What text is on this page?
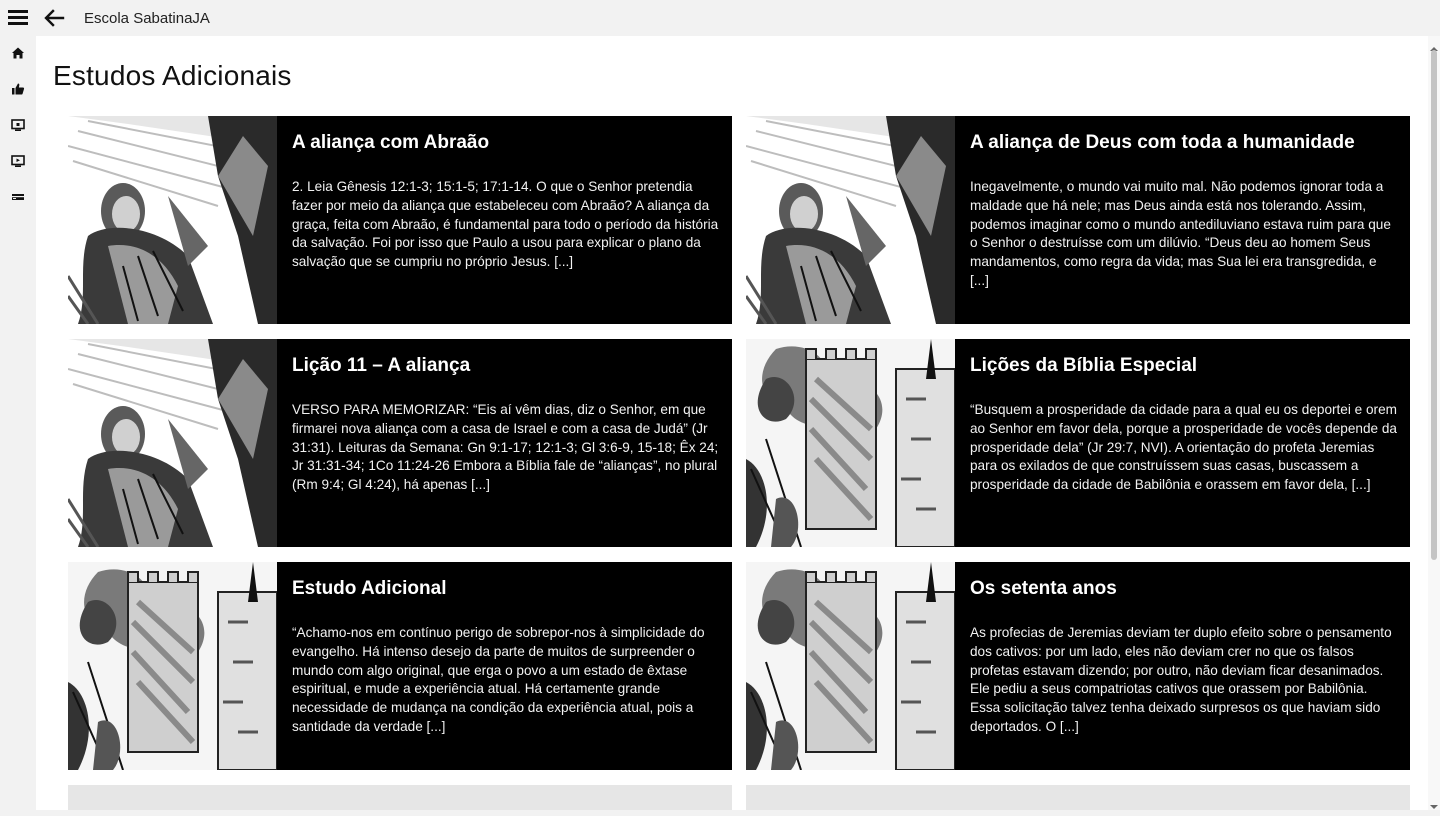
Escola SabatinaJA
Estudos Adicionais
A aliança com Abraão
2. Leia Gênesis 12:1-3; 15:1-5; 17:1-14. O que o Senhor pretendia fazer por meio da aliança que estabeleceu com Abraão? A aliança da graça, feita com Abraão, é fundamental para todo o período da história da salvação. Foi por isso que Paulo a usou para explicar o plano da salvação que se cumpriu no próprio Jesus. [...]
A aliança de Deus com toda a humanidade
Inegavelmente, o mundo vai muito mal. Não podemos ignorar toda a maldade que há nele; mas Deus ainda está nos tolerando. Assim, podemos imaginar como o mundo antediluviano estava ruim para que o Senhor o destruísse com um dilúvio. “Deus deu ao homem Seus mandamentos, como regra da vida; mas Sua lei era transgredida, e [...]
Lição 11 – A aliança
VERSO PARA MEMORIZAR: “Eis aí vêm dias, diz o Senhor, em que firmarei nova aliança com a casa de Israel e com a casa de Judá” (Jr 31:31). Leituras da Semana: Gn 9:1-17; 12:1-3; Gl 3:6-9, 15-18; Êx 24; Jr 31:31-34; 1Co 11:24-26 Embora a Bíblia fale de “alianças”, no plural (Rm 9:4; Gl 4:24), há apenas [...]
Lições da Bíblia Especial
“Busquem a prosperidade da cidade para a qual eu os deportei e orem ao Senhor em favor dela, porque a prosperidade de vocês depende da prosperidade dela” (Jr 29:7, NVI). A orientação do profeta Jeremias para os exilados de que construíssem suas casas, buscassem a prosperidade da cidade de Babilônia e orassem em favor dela, [...]
Estudo Adicional
“Achamo-nos em contínuo perigo de sobrepor-nos à simplicidade do evangelho. Há intenso desejo da parte de muitos de surpreender o mundo com algo original, que erga o povo a um estado de êxtase espiritual, e mude a experiência atual. Há certamente grande necessidade de mudança na condição da experiência atual, pois a santidade da verdade [...]
Os setenta anos
As profecias de Jeremias deviam ter duplo efeito sobre o pensamento dos cativos: por um lado, eles não deviam crer no que os falsos profetas estavam dizendo; por outro, não deviam ficar desanimados. Ele pediu a seus compatriotas cativos que orassem por Babilônia. Essa solicitação talvez tenha deixado surpresos os que haviam sido deportados. O [...]
